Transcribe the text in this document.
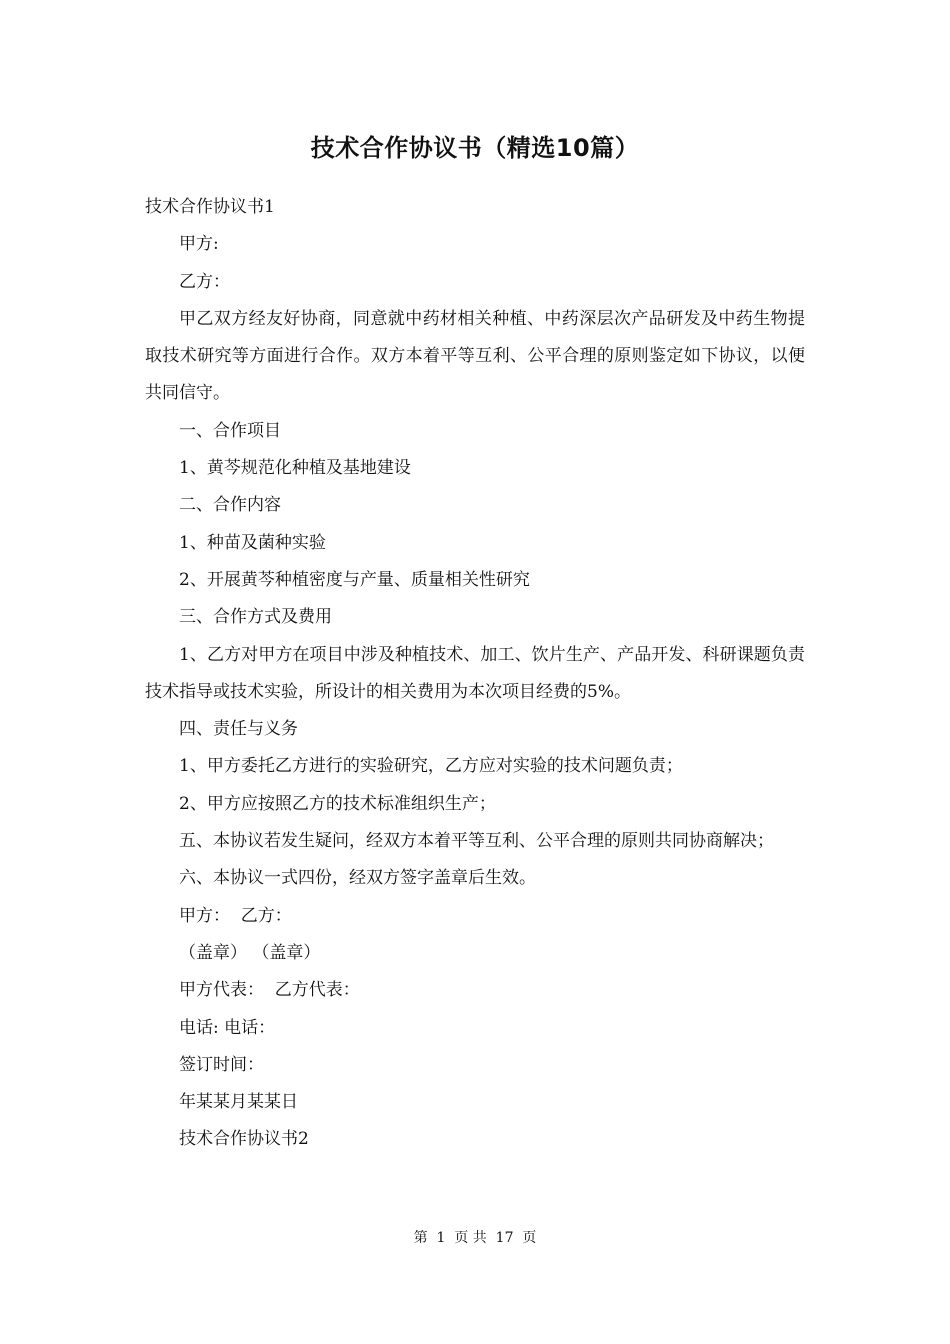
技术合作协议书（精选10篇）

技术合作协议书1

甲方:

乙方：

甲乙双方经友好协商，同意就中药材相关种植、中药深层次产品研发及中药生物提取技术研究等方面进行合作。双方本着平等互利、公平合理的原则鉴定如下协议，以便共同信守。

一、合作项目

1、黄芩规范化种植及基地建设

二、合作内容

1、种苗及菌种实验

2、开展黄芩种植密度与产量、质量相关性研究

三、合作方式及费用

1、乙方对甲方在项目中涉及种植技术、加工、饮片生产、产品开发、科研课题负责技术指导或技术实验，所设计的相关费用为本次项目经费的5%。

四、责任与义务

1、甲方委托乙方进行的实验研究，乙方应对实验的技术问题负责；

2、甲方应按照乙方的技术标准组织生产；

五、本协议若发生疑问，经双方本着平等互利、公平合理的原则共同协商解决；

六、本协议一式四份，经双方签字盖章后生效。

甲方：  乙方：

（盖章） （盖章）

甲方代表：  乙方代表：

电话: 电话：

签订时间：

年某某月某某日

技术合作协议书2

第  1  页 共  17  页
